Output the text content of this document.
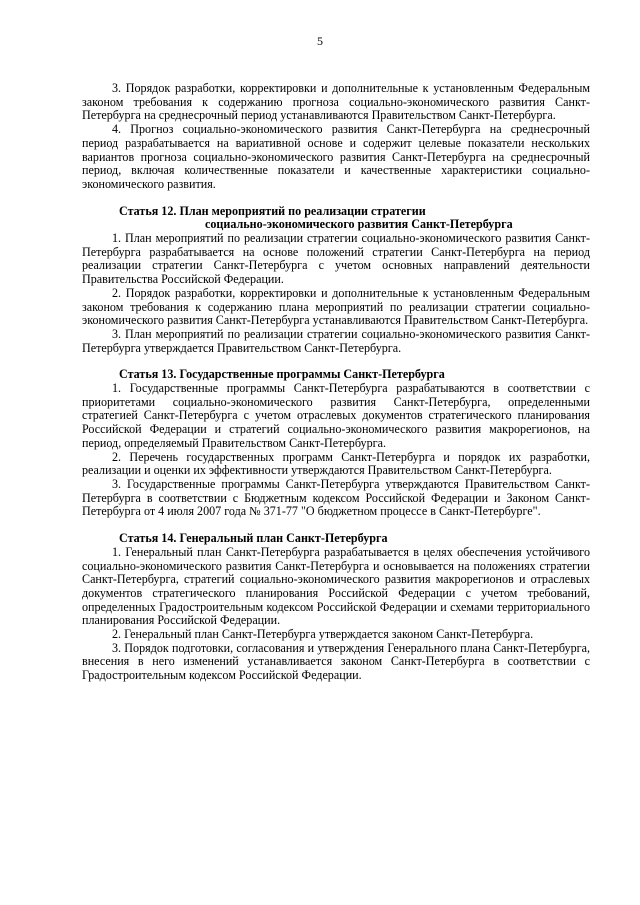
5

3. Порядок разработки, корректировки и дополнительные к установленным Федеральным законом требования к содержанию прогноза социально-экономического развития Санкт-Петербурга на среднесрочный период устанавливаются Правительством Санкт-Петербурга.

4. Прогноз социально-экономического развития Санкт-Петербурга на среднесрочный период разрабатывается на вариативной основе и содержит целевые показатели нескольких вариантов прогноза социально-экономического развития Санкт-Петербурга на среднесрочный период, включая количественные показатели и качественные характеристики социально-экономического развития.

Статья 12. План мероприятий по реализации стратегии
социально-экономического развития Санкт-Петербурга

1. План мероприятий по реализации стратегии социально-экономического развития Санкт-Петербурга разрабатывается на основе положений стратегии Санкт-Петербурга на период реализации стратегии Санкт-Петербурга с учетом основных направлений деятельности Правительства Российской Федерации.

2. Порядок разработки, корректировки и дополнительные к установленным Федеральным законом требования к содержанию плана мероприятий по реализации стратегии социально-экономического развития Санкт-Петербурга устанавливаются Правительством Санкт-Петербурга.

3. План мероприятий по реализации стратегии социально-экономического развития Санкт-Петербурга утверждается Правительством Санкт-Петербурга.

Статья 13. Государственные программы Санкт-Петербурга

1. Государственные программы Санкт-Петербурга разрабатываются в соответствии с приоритетами социально-экономического развития Санкт-Петербурга, определенными стратегией Санкт-Петербурга с учетом отраслевых документов стратегического планирования Российской Федерации и стратегий социально-экономического развития макрорегионов, на период, определяемый Правительством Санкт-Петербурга.

2. Перечень государственных программ Санкт-Петербурга и порядок их разработки, реализации и оценки их эффективности утверждаются Правительством Санкт-Петербурга.

3. Государственные программы Санкт-Петербурга утверждаются Правительством Санкт-Петербурга в соответствии с Бюджетным кодексом Российской Федерации и Законом Санкт-Петербурга от 4 июля 2007 года № 371-77 "О бюджетном процессе в Санкт-Петербурге".

Статья 14. Генеральный план Санкт-Петербурга

1. Генеральный план Санкт-Петербурга разрабатывается в целях обеспечения устойчивого социально-экономического развития Санкт-Петербурга и основывается на положениях стратегии Санкт-Петербурга, стратегий социально-экономического развития макрорегионов и отраслевых документов стратегического планирования Российской Федерации с учетом требований, определенных Градостроительным кодексом Российской Федерации и схемами территориального планирования Российской Федерации.

2. Генеральный план Санкт-Петербурга утверждается законом Санкт-Петербурга.

3. Порядок подготовки, согласования и утверждения Генерального плана Санкт-Петербурга, внесения в него изменений устанавливается законом Санкт-Петербурга в соответствии с Градостроительным кодексом Российской Федерации.
